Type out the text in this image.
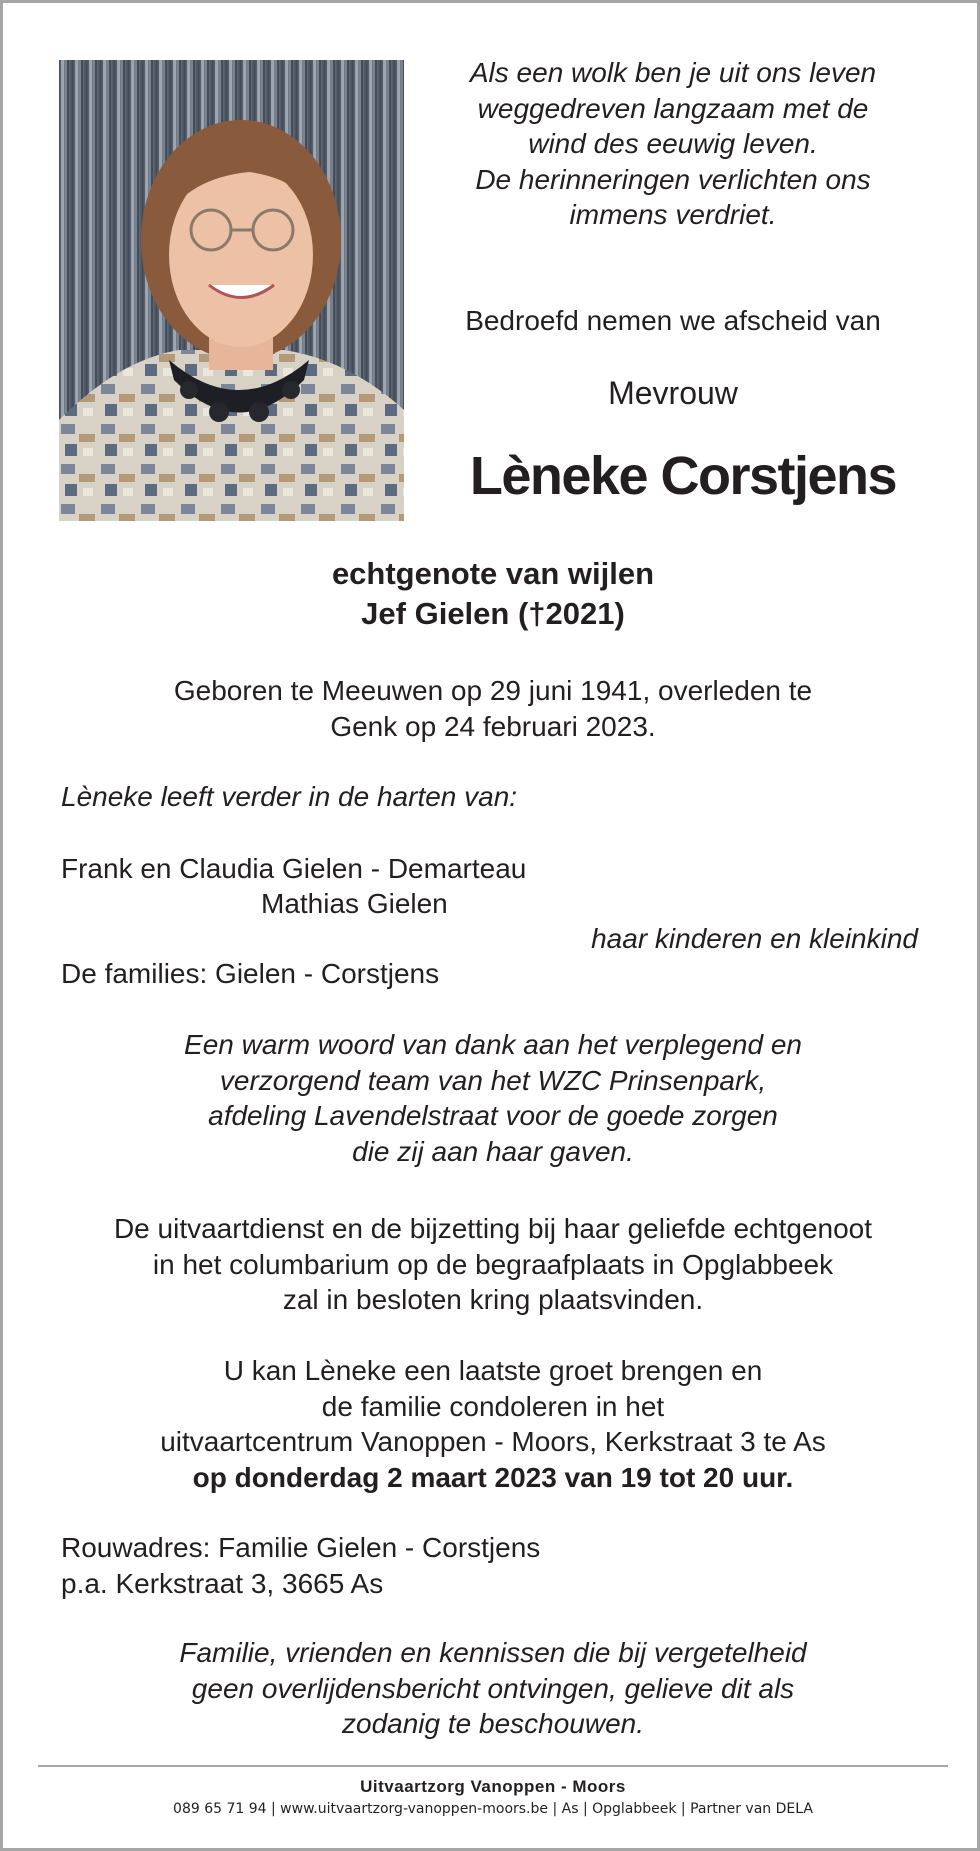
Als een wolk ben je uit ons leven
weggedreven langzaam met de
wind des eeuwig leven.
De herinneringen verlichten ons
immens verdriet.
Bedroefd nemen we afscheid van
Mevrouw
Lèneke Corstjens
echtgenote van wijlen
Jef Gielen (†2021)
Geboren te Meeuwen op 29 juni 1941, overleden te
Genk op 24 februari 2023.
Lèneke leeft verder in de harten van:
Frank en Claudia Gielen - Demarteau
Mathias Gielen
haar kinderen en kleinkind
De families: Gielen - Corstjens
Een warm woord van dank aan het verplegend en
verzorgend team van het WZC Prinsenpark,
afdeling Lavendelstraat voor de goede zorgen
die zij aan haar gaven.
De uitvaartdienst en de bijzetting bij haar geliefde echtgenoot
in het columbarium op de begraafplaats in Opglabbeek
zal in besloten kring plaatsvinden.
U kan Lèneke een laatste groet brengen en
de familie condoleren in het
uitvaartcentrum Vanoppen - Moors, Kerkstraat 3 te As
op donderdag 2 maart 2023 van 19 tot 20 uur.
Rouwadres: Familie Gielen - Corstjens
p.a. Kerkstraat 3, 3665 As
Familie, vrienden en kennissen die bij vergetelheid
geen overlijdensbericht ontvingen, gelieve dit als
zodanig te beschouwen.
Uitvaartzorg Vanoppen - Moors
089 65 71 94 | www.uitvaartzorg-vanoppen-moors.be | As | Opglabbeek | Partner van DELA
